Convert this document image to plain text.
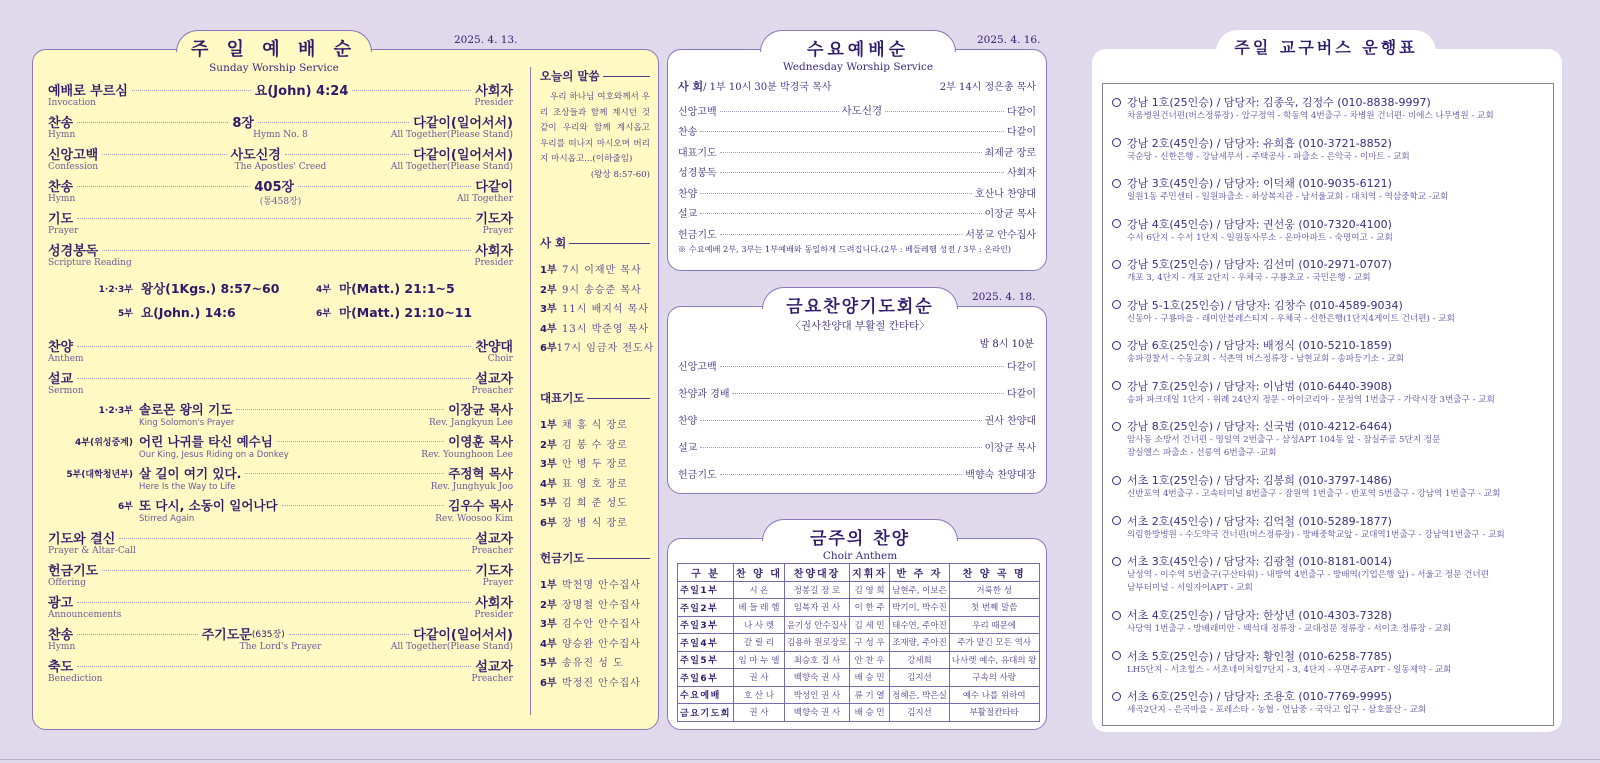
주 일 예 배 순
Sunday Worship Service
2025. 4. 13.
예배로 부르심	요(John) 4:24	사회자
Invocation	Presider
찬송	8장	다같이(일어서서)
Hymn	Hymn No. 8	All Together(Please Stand)
신앙고백	사도신경	다같이(일어서서)
Confession	The Apostles' Creed	All Together(Please Stand)
찬송	405장	다같이
Hymn	(통458장)	All Together
기도	기도자
Prayer	Prayer
성경봉독	사회자
Scripture Reading	Presider
1·2·3부 왕상(1Kgs.) 8:57~60	4부 마(Matt.) 21:1~5
5부 요(John.) 14:6	6부 마(Matt.) 21:10~11
찬양	찬양대
Anthem	Choir
설교	설교자
Sermon	Preacher
1·2·3부 솔로몬 왕의 기도	이장균 목사
King Solomon's Prayer	Rev. Jangkyun Lee
4부(위성중계) 어린 나귀를 타신 예수님	이영훈 목사
Our King, Jesus Riding on a Donkey	Rev. Younghoon Lee
5부(대학청년부) 살 길이 여기 있다.	주정혁 목사
Here Is the Way to Life	Rev. Junghyuk Joo
6부 또 다시, 소동이 일어나다	김우수 목사
Stirred Again	Rev. Woosoo Kim
기도와 결신	설교자
Prayer & Altar-Call	Preacher
헌금기도	기도자
Offering	Prayer
광고	사회자
Announcements	Presider
찬송	주기도문 (635장)	다같이(일어서서)
Hymn	The Lord's Prayer	All Together(Please Stand)
축도	설교자
Benediction	Preacher
오늘의 말씀
우리 하나님 여호와께서 우리 조상들과 함께 계시던 것 같이 우리와 함께 계시옵고 우리를 떠나지 마시오며 버리지 마시옵고...(이하줄임)
(왕상 8:57-60)
사 회
1부 7시 이재만 목사
2부 9시 송승준 목사
3부 11시 배지석 목사
4부 13시 박준영 목사
6부 17시 임금자 전도사
대표기도
1부 채 홍 식 장로
2부 김 봉 수 장로
3부 안 병 두 장로
4부 표 영 호 장로
5부 김 희 준 성도
6부 장 병 식 장로
헌금기도
1부 박천명 안수집사
2부 장명철 안수집사
3부 김수안 안수집사
4부 양승완 안수집사
5부 송유진 성 도
6부 박정진 안수집사
수요예배순
Wednesday Worship Service
2025. 4. 16.
사 회/ 1부 10시 30분 박경국 목사	2부 14시 정은총 목사
신앙고백	사도신경	다같이
찬송	다같이
대표기도	최제균 장로
성경봉독	사회자
찬양	호산나 찬양대
설교	이장균 목사
헌금기도	서봉교 안수집사
※ 수요예배 2부, 3부는 1부예배와 동일하게 드려집니다.(2부 : 베들레헴 성전 / 3부 : 온라인)
금요찬양기도회순
〈권사찬양대 부활절 칸타타〉
2025. 4. 18.
밤 8시 10분
신앙고백	다같이
찬양과 경배	다같이
찬양	권사 찬양대
설교	이장균 목사
헌금기도	백향숙 찬양대장
금주의 찬양
Choir Anthem
구 분	찬 양 대	찬양대장	지휘자	반 주 자	찬 양 곡 명
주일1부	시 온	정봉길 장 로	김 영 희	남현주, 이보은	거룩한 성
주일2부	베 들 레 헴	임복자 권 사	이 한 주	박기이, 박수진	첫 번째 말씀
주일3부	나 사 렛	윤기성 안수집사	김 세 민	태수연, 주아진	우리 때문에
주일4부	갈 릴 리	김용하 원로장로	구 성 우	조재량, 주아진	주가 맡긴 모든 역사
주일5부	임 마 누 엘	최승호 집 사	안 찬 우	강세희	나사렛 예수, 유대의 왕
주일6부	권 사	백향숙 권 사	배 승 민	김지선	구속의 사랑
수요예배	호 산 나	박성인 권 사	류 기 열	정혜은, 박은실	예수 나를 위하여
금요기도회	권 사	백향숙 권 사	배 승 민	김지선	부활절칸타타
주일 교구버스 운행표
강남 1호(25인승) / 담당자: 김종욱, 김정수 (010-8838-9997)
차움병원건너편(버스정류장) - 압구정역 - 학동역 4번출구 - 차병원 건너편- 비에스 나무병원 - 교회
강남 2호(45인승) / 담당자: 유희흡 (010-3721-8852)
국순당 - 신한은행 - 강남세무서 - 주택공사 - 파출소 - 은악국 - 이마트 - 교회
강남 3호(45인승) / 담당자: 이덕채 (010-9035-6121)
일원1동 주민센터 - 일원파출소 - 하상복지관 - 남서울교회 - 대치역 - 역삼중학교 -교회
강남 4호(45인승) / 담당자: 권선웅 (010-7320-4100)
수서 6단지 - 수서 1단지 - 일원동사무소 - 온마아파트 - 숙명여고 - 교회
강남 5호(25인승) / 담당자: 김선미 (010-2971-0707)
개포 3, 4단지 - 개포 2단지 - 우체국 - 구룡초교 - 국민은행 - 교회
강남 5-1호(25인승) / 담당자: 김창수 (010-4589-9034)
신동아 - 구룡마을 - 래미안블레스티지 - 우체국 - 신한은행(1단지4게이트 건너편) - 교회
강남 6호(25인승) / 담당자: 배정식 (010-5210-1859)
송파경찰서 - 수동교회 - 석촌역 버스정류장 - 남현교회 - 송파등기소 - 교회
강남 7호(25인승) / 담당자: 이남범 (010-6440-3908)
송파 파크데일 1단지 - 위례 24단지 정문 - 아이코리아 - 문정역 1번출구 - 가락시장 3번출구 - 교회
강남 8호(25인승) / 담당자: 신국범 (010-4212-6464)
암사동 소방서 건너편 - 명일역 2번출구 - 삼성APT 104동 앞 - 잠실주공 5단지 정문
잠실엘스 파출소 - 선릉역 6번출구 -교회
서초 1호(25인승) / 담당자: 김봉희 (010-3797-1486)
신반포역 4번출구 - 고속터미널 8번출구 - 잠원역 1번출구 - 반포역 5번출구 - 강남역 1번출구 - 교회
서초 2호(45인승) / 담당자: 김억철 (010-5289-1877)
의림한방병원 - 수도약국 건너편(버스정류장) - 방배중학교앞 - 교대역1번출구 - 강남역1번출구 - 교회
서초 3호(45인승) / 담당자: 김광철 (010-8181-0014)
남성역 - 이수역 5번출구(구산타워) - 내방역 4번출구 - 방배역(기업은행 앞) - 서울고 정문 건너편
남부터미널 - 서일자이APT - 교회
서초 4호(25인승) / 담당자: 한상년 (010-4303-7328)
사당역 1번출구 - 방배래미안 - 백석대 정류장 - 교대정문 정류장 - 서이초 정류장 - 교회
서초 5호(25인승) / 담당자: 황인철 (010-6258-7785)
LH5단지 - 서초힐스 - 서초네이처힐7단지 - 3, 4단지 - 우면주공APT - 일동제약 - 교회
서초 6호(25인승) / 담당자: 조용호 (010-7769-9995)
세곡2단지 - 은곡마을 - 포레스타 - 농협 - 언남중 - 국악고 입구 - 삼호물산 - 교회
